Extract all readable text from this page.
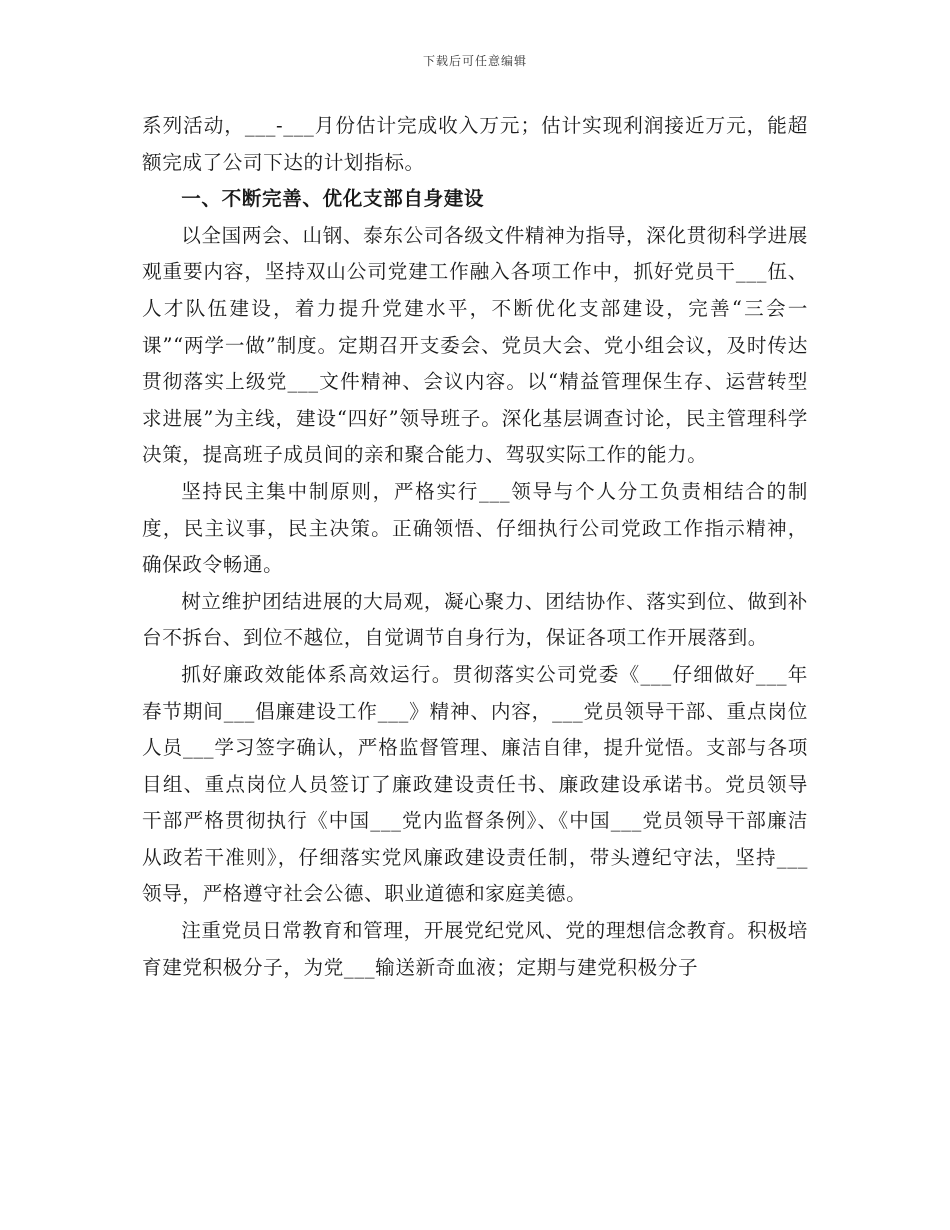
下载后可任意编辑

系列活动，___-___月份估计完成收入万元；估计实现利润接近万元，能超额完成了公司下达的计划指标。

一、不断完善、优化支部自身建设

以全国两会、山钢、泰东公司各级文件精神为指导，深化贯彻科学进展观重要内容，坚持双山公司党建工作融入各项工作中，抓好党员干___伍、人才队伍建设，着力提升党建水平，不断优化支部建设，完善“三会一课”“两学一做”制度。定期召开支委会、党员大会、党小组会议，及时传达贯彻落实上级党___文件精神、会议内容。以“精益管理保生存、运营转型求进展”为主线，建设“四好”领导班子。深化基层调查讨论，民主管理科学决策，提高班子成员间的亲和聚合能力、驾驭实际工作的能力。

坚持民主集中制原则，严格实行___领导与个人分工负责相结合的制度，民主议事，民主决策。正确领悟、仔细执行公司党政工作指示精神，确保政令畅通。

树立维护团结进展的大局观，凝心聚力、团结协作、落实到位、做到补台不拆台、到位不越位，自觉调节自身行为，保证各项工作开展落到。

抓好廉政效能体系高效运行。贯彻落实公司党委《___仔细做好___年春节期间___倡廉建设工作___》精神、内容，___党员领导干部、重点岗位人员___学习签字确认，严格监督管理、廉洁自律，提升觉悟。支部与各项目组、重点岗位人员签订了廉政建设责任书、廉政建设承诺书。党员领导干部严格贯彻执行《中国___党内监督条例》、《中国___党员领导干部廉洁从政若干准则》，仔细落实党风廉政建设责任制，带头遵纪守法，坚持___领导，严格遵守社会公德、职业道德和家庭美德。

注重党员日常教育和管理，开展党纪党风、党的理想信念教育。积极培育建党积极分子，为党___输送新奇血液；定期与建党积极分子
